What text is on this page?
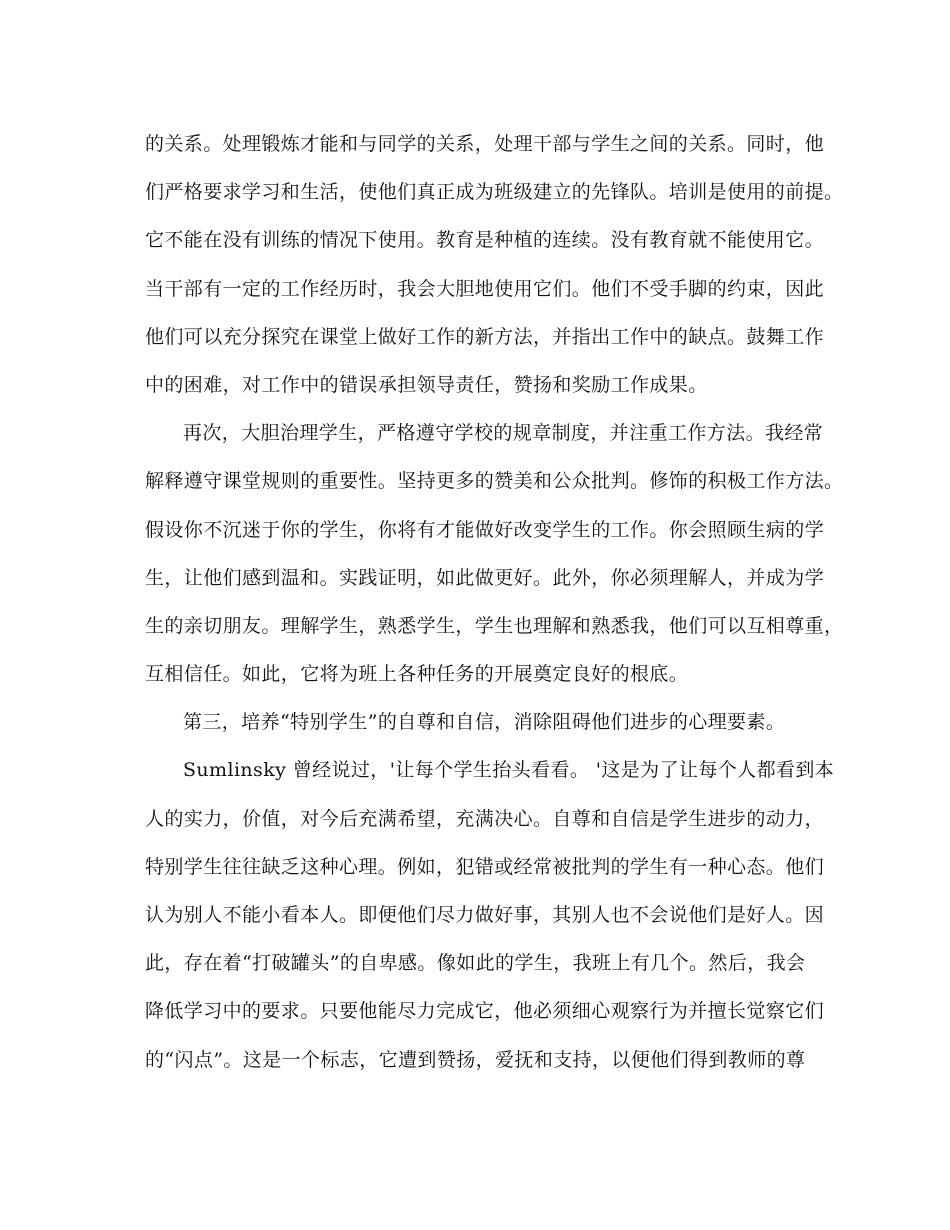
的关系。处理锻炼才能和与同学的关系，处理干部与学生之间的关系。同时，他
们严格要求学习和生活，使他们真正成为班级建立的先锋队。培训是使用的前提。
它不能在没有训练的情况下使用。教育是种植的连续。没有教育就不能使用它。
当干部有一定的工作经历时，我会大胆地使用它们。他们不受手脚的约束，因此
他们可以充分探究在课堂上做好工作的新方法，并指出工作中的缺点。鼓舞工作
中的困难，对工作中的错误承担领导责任，赞扬和奖励工作成果。
再次，大胆治理学生，严格遵守学校的规章制度，并注重工作方法。我经常
解释遵守课堂规则的重要性。坚持更多的赞美和公众批判。修饰的积极工作方法。
假设你不沉迷于你的学生，你将有才能做好改变学生的工作。你会照顾生病的学
生，让他们感到温和。实践证明，如此做更好。此外，你必须理解人，并成为学
生的亲切朋友。理解学生，熟悉学生，学生也理解和熟悉我，他们可以互相尊重，
互相信任。如此，它将为班上各种任务的开展奠定良好的根底。
第三，培养“特别学生”的自尊和自信，消除阻碍他们进步的心理要素。
Sumlinsky 曾经说过，'让每个学生抬头看看。 '这是为了让每个人都看到本
人的实力，价值，对今后充满希望，充满决心。自尊和自信是学生进步的动力，
特别学生往往缺乏这种心理。例如，犯错或经常被批判的学生有一种心态。他们
认为别人不能小看本人。即便他们尽力做好事，其别人也不会说他们是好人。因
此，存在着“打破罐头”的自卑感。像如此的学生，我班上有几个。然后，我会
降低学习中的要求。只要他能尽力完成它，他必须细心观察行为并擅长觉察它们
的“闪点”。这是一个标志，它遭到赞扬，爱抚和支持，以便他们得到教师的尊
